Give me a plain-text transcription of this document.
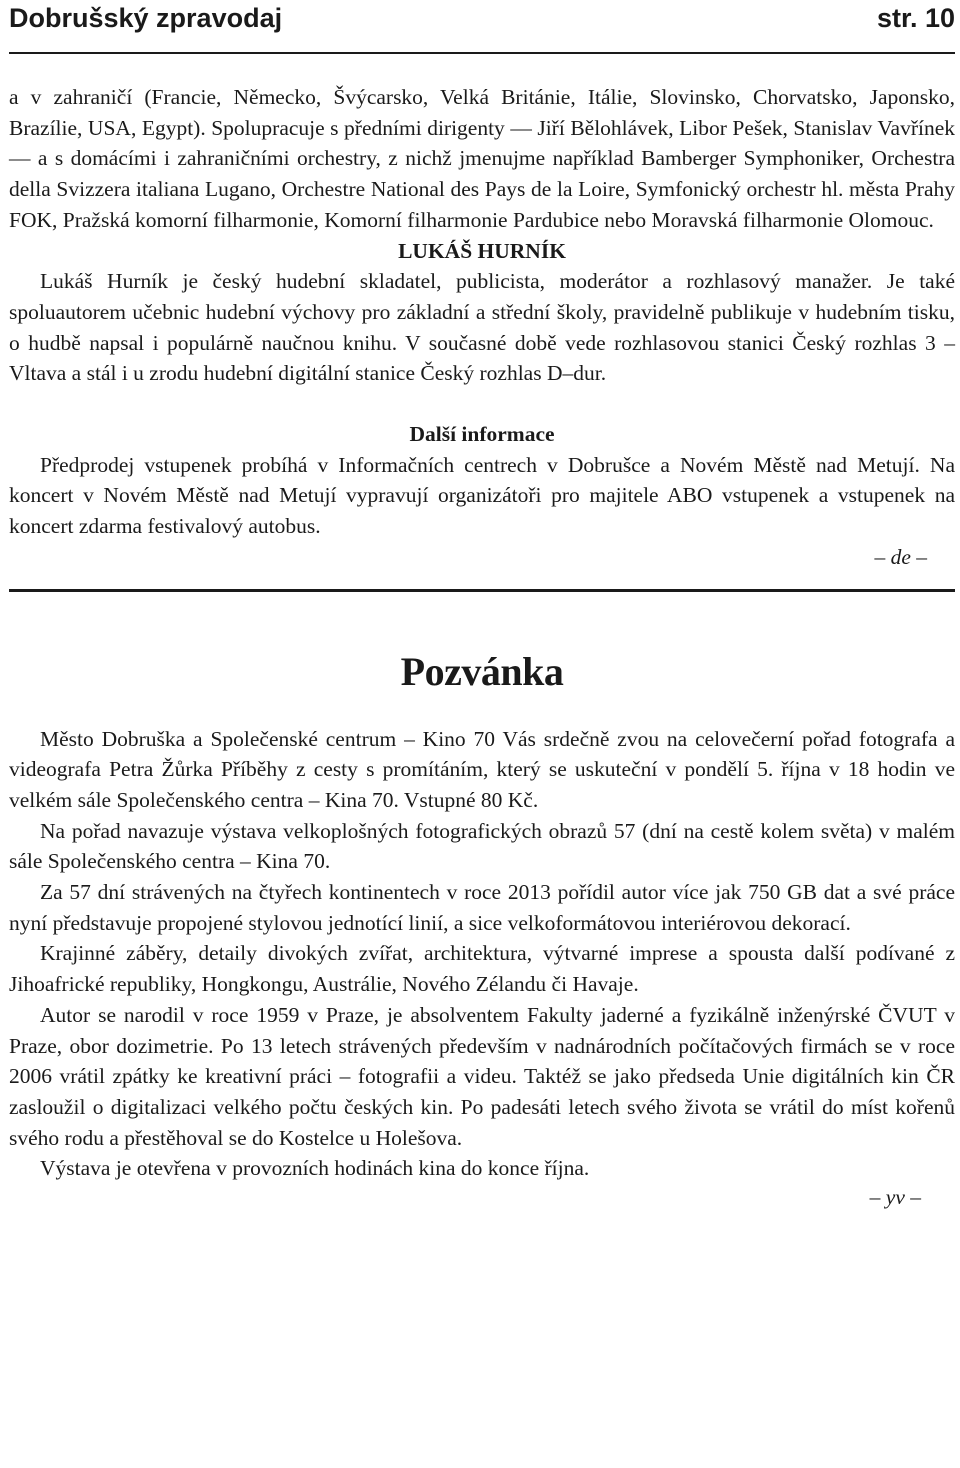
Dobrušský zpravodaj	str. 10

a v zahraničí (Francie, Německo, Švýcarsko, Velká Británie, Itálie, Slovinsko, Chorvatsko, Japonsko, Brazílie, USA, Egypt). Spolupracuje s předními dirigenty — Jiří Bělohlávek, Libor Pešek, Stanislav Vavřínek — a s domácími i zahraničními orchestry, z nichž jmenujme například Bamberger Symphoniker, Orchestra della Svizzera italiana Lugano, Orchestre National des Pays de la Loire, Symfonický orchestr hl. města Prahy FOK, Pražská komorní filharmonie, Komorní filharmonie Pardubice nebo Moravská filharmonie Olomouc.

LUKÁŠ HURNÍK

Lukáš Hurník je český hudební skladatel, publicista, moderátor a rozhlasový manažer. Je také spoluautorem učebnic hudební výchovy pro základní a střední školy, pravidelně publikuje v hudebním tisku, o hudbě napsal i populárně naučnou knihu. V současné době vede rozhlasovou stanici Český rozhlas 3 – Vltava a stál i u zrodu hudební digitální stanice Český rozhlas D–dur.

Další informace

Předprodej vstupenek probíhá v Informačních centrech v Dobrušce a Novém Městě nad Metují. Na koncert v Novém Městě nad Metují vypravují organizátoři pro majitele ABO vstupenek a vstupenek na koncert zdarma festivalový autobus.

– de –
Pozvánka

Město Dobruška a Společenské centrum – Kino 70 Vás srdečně zvou na celovečerní pořad fotografa a videografa Petra Žůrka Příběhy z cesty s promítáním, který se uskuteční v pondělí 5. října v 18 hodin ve velkém sále Společenského centra – Kina 70. Vstupné 80 Kč.

Na pořad navazuje výstava velkoplošných fotografických obrazů 57 (dní na cestě kolem světa) v malém sále Společenského centra – Kina 70.

Za 57 dní strávených na čtyřech kontinentech v roce 2013 pořídil autor více jak 750 GB dat a své práce nyní představuje propojené stylovou jednotící linií, a sice velkoformátovou interiérovou dekorací.

Krajinné záběry, detaily divokých zvířat, architektura, výtvarné imprese a spousta další podívané z Jihoafrické republiky, Hongkongu, Austrálie, Nového Zélandu či Havaje.

Autor se narodil v roce 1959 v Praze, je absolventem Fakulty jaderné a fyzikálně inženýrské ČVUT v Praze, obor dozimetrie. Po 13 letech strávených především v nadnárodních počítačových firmách se v roce 2006 vrátil zpátky ke kreativní práci – fotografii a videu. Taktéž se jako předseda Unie digitálních kin ČR zasloužil o digitalizaci velkého počtu českých kin. Po padesáti letech svého života se vrátil do míst kořenů svého rodu a přestěhoval se do Kostelce u Holešova.

Výstava je otevřena v provozních hodinách kina do konce října.

– yv –
